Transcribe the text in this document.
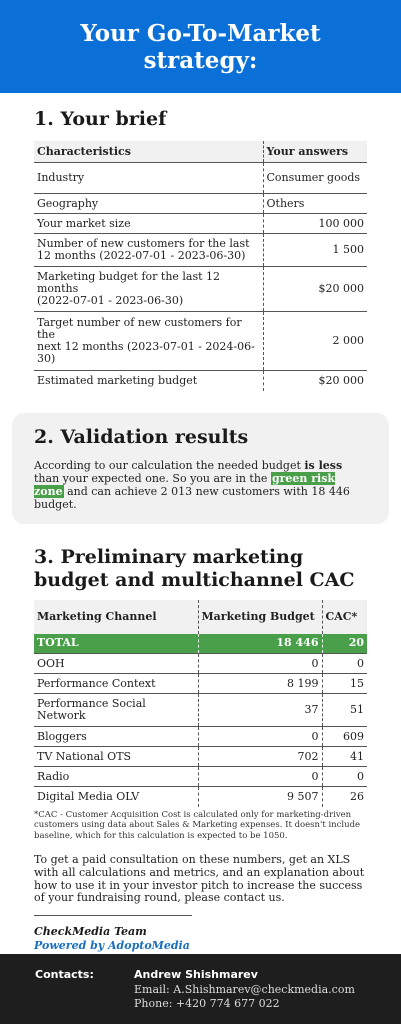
Your Go-To-Market strategy:
1. Your brief
Characteristics	Your answers
Industry	Consumer goods
Geography	Others
Your market size	100 000
Number of new customers for the last 12 months (2022-07-01 - 2023-06-30)	1 500
Marketing budget for the last 12 months
(2022-07-01 - 2023-06-30)	$20 000
Target number of new customers for the
next 12 months (2023-07-01 - 2024-06-30)	2 000
Estimated marketing budget	$20 000
2. Validation results

According to our calculation the needed budget is less than your expected one. So you are in the green risk zone and can achieve 2 013 new customers with 18 446 budget.

3. Preliminary marketing budget and multichannel CAC
Marketing Channel	Marketing Budget	CAC*
TOTAL	18 446	20
OOH	0	0
Performance Context	8 199	15
Performance Social Network	37	51
Bloggers	0	609
TV National OTS	702	41
Radio	0	0
Digital Media OLV	9 507	26

*CAC - Customer Acquisition Cost is calculated only for marketing-driven customers using data about Sales & Marketing expenses. It doesn't include baseline, which for this calculation is expected to be 1050.

To get a paid consultation on these numbers, get an XLS with all calculations and metrics, and an explanation about how to use it in your investor pitch to increase the success of your fundraising round, please contact us.

CheckMedia Team

Powered by AdoptoMedia

Contacts:	Andrew Shishmarev
Email: A.Shishmarev@checkmedia.com
Phone: +420 774 677 022
